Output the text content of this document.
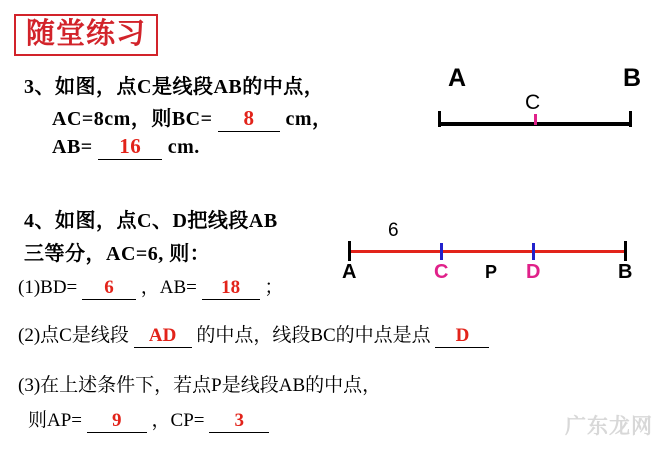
随堂练习
3、如图，点C是线段AB的中点，
AC=8cm，则BC= 8 cm，
AB= 16 cm.
A	B
C
4、如图，点C、D把线段AB
三等分，AC=6, 则：
(1)BD= 6 ，AB= 18 ；
(2)点C是线段 AD 的中点，线段BC的中点是点 D
(3)在上述条件下，若点P是线段AB的中点，
则AP= 9 ，CP= 3
6
A	C P D	B
广东龙网
